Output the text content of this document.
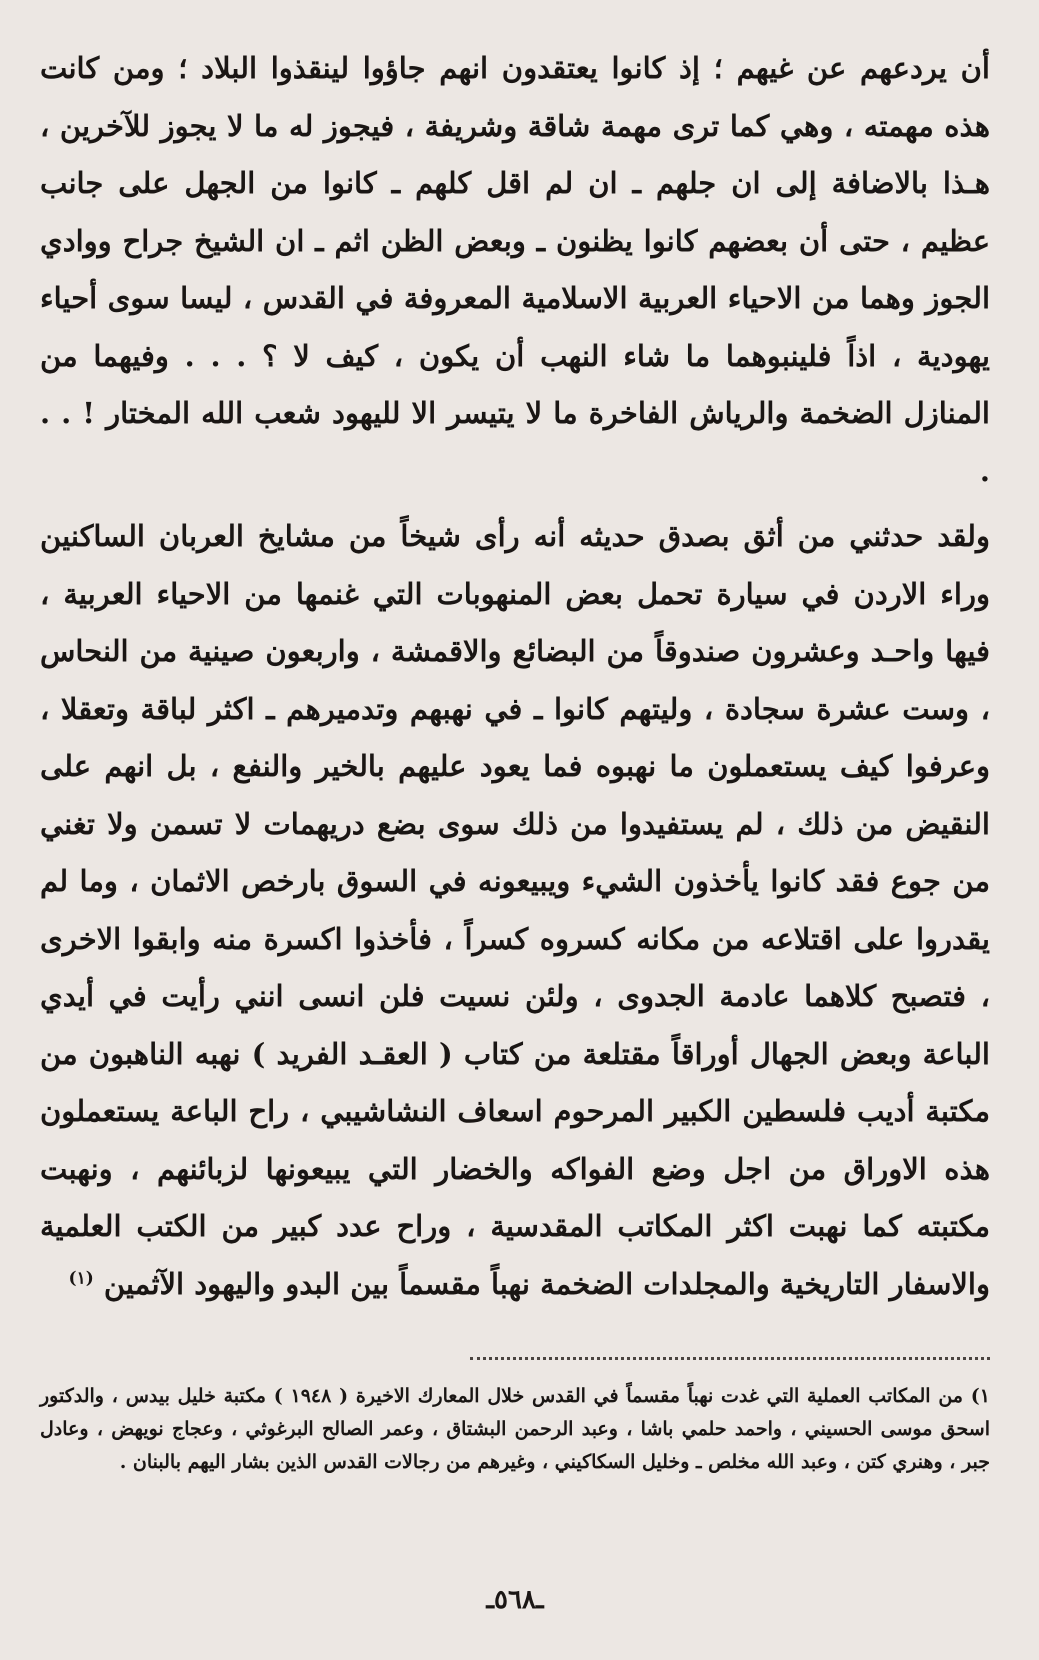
أن يردعهم عن غيهم ؛ إذ كانوا يعتقدون انهم جاؤوا لينقذوا البلاد ؛ ومن كانت هذه مهمته ، وهي كما ترى مهمة شاقة وشريفة ، فيجوز له ما لا يجوز للآخرين ، هـذا بالاضافة إلى ان جلهم ـ ان لم اقل كلهم ـ كانوا من الجهل على جانب عظيم ، حتى أن بعضهم كانوا يظنون ـ وبعض الظن اثم ـ ان الشيخ جراح ووادي الجوز وهما من الاحياء العربية الاسلامية المعروفة في القدس ، ليسا سوى أحياء يهودية ، اذاً فلينبوهما ما شاء النهب أن يكون ، كيف لا ؟ . . . وفيهما من المنازل الضخمة والرياش الفاخرة ما لا يتيسر الا لليهود شعب الله المختار ! . . .

ولقد حدثني من أثق بصدق حديثه أنه رأى شيخاً من مشايخ العربان الساكنين وراء الاردن في سيارة تحمل بعض المنهوبات التي غنمها من الاحياء العربية ، فيها واحـد وعشرون صندوقاً من البضائع والاقمشة ، واربعون صينية من النحاس ، وست عشرة سجادة ، وليتهم كانوا ـ في نهبهم وتدميرهم ـ اكثر لباقة وتعقلا ، وعرفوا كيف يستعملون ما نهبوه فما يعود عليهم بالخير والنفع ، بل انهم على النقيض من ذلك ، لم يستفيدوا من ذلك سوى بضع دريهمات لا تسمن ولا تغني من جوع فقد كانوا يأخذون الشيء ويبيعونه في السوق بارخص الاثمان ، وما لم يقدروا على اقتلاعه من مكانه كسروه كسراً ، فأخذوا اكسرة منه وابقوا الاخرى ، فتصبح كلاهما عادمة الجدوى ، ولئن نسيت فلن انسى انني رأيت في أيدي الباعة وبعض الجهال أوراقاً مقتلعة من كتاب ( العقـد الفريد ) نهبه الناهبون من مكتبة أديب فلسطين الكبير المرحوم اسعاف النشاشيبي ، راح الباعة يستعملون هذه الاوراق من اجل وضع الفواكه والخضار التي يبيعونها لزبائنهم ، ونهبت مكتبته كما نهبت اكثر المكاتب المقدسية ، وراح عدد كبير من الكتب العلمية والاسفار التاريخية والمجلدات الضخمة نهباً مقسماً بين البدو واليهود الآثمين $^{(١)}$

١) من المكاتب العملية التي غدت نهباً مقسماً في القدس خلال المعارك الاخيرة ( ١٩٤٨ ) مكتبة خليل بيدس ، والدكتور اسحق موسى الحسيني ، واحمد حلمي باشا ، وعبد الرحمن البشتاق ، وعمر الصالح البرغوثي ، وعجاج نويهض ، وعادل جبر ، وهنري كتن ، وعبد الله مخلص ـ وخليل السكاكيني ، وغيرهم من رجالات القدس الذين بشار اليهم بالبنان .

ـ٥٦٨ـ
